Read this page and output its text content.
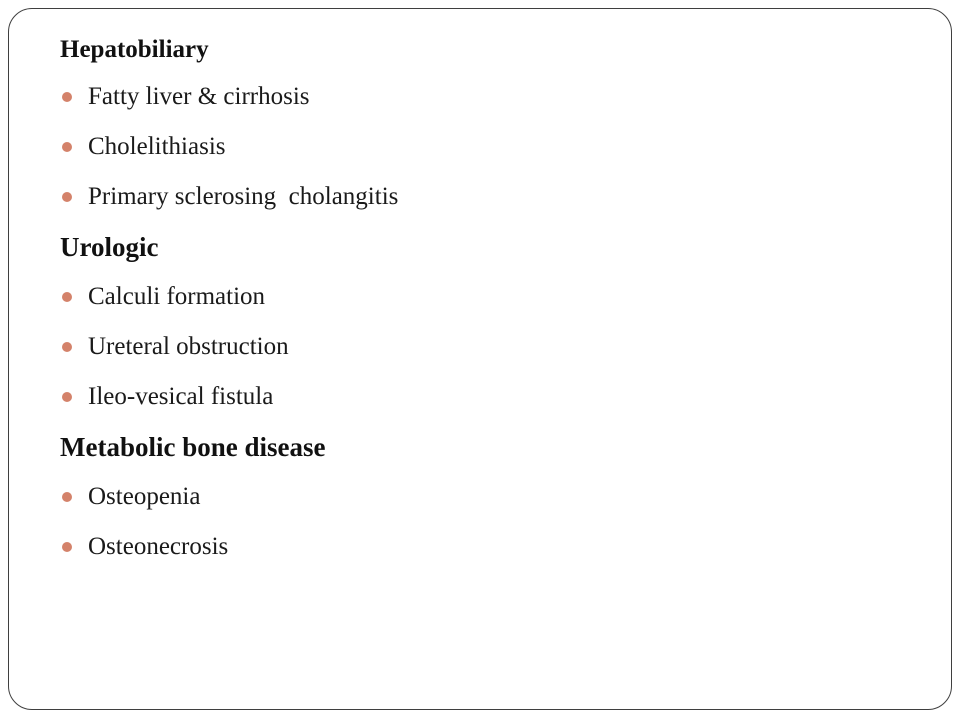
Hepatobiliary
Fatty liver & cirrhosis
Cholelithiasis
Primary sclerosing  cholangitis
Urologic
Calculi formation
Ureteral obstruction
Ileo-vesical fistula
Metabolic bone disease
Osteopenia
Osteonecrosis
